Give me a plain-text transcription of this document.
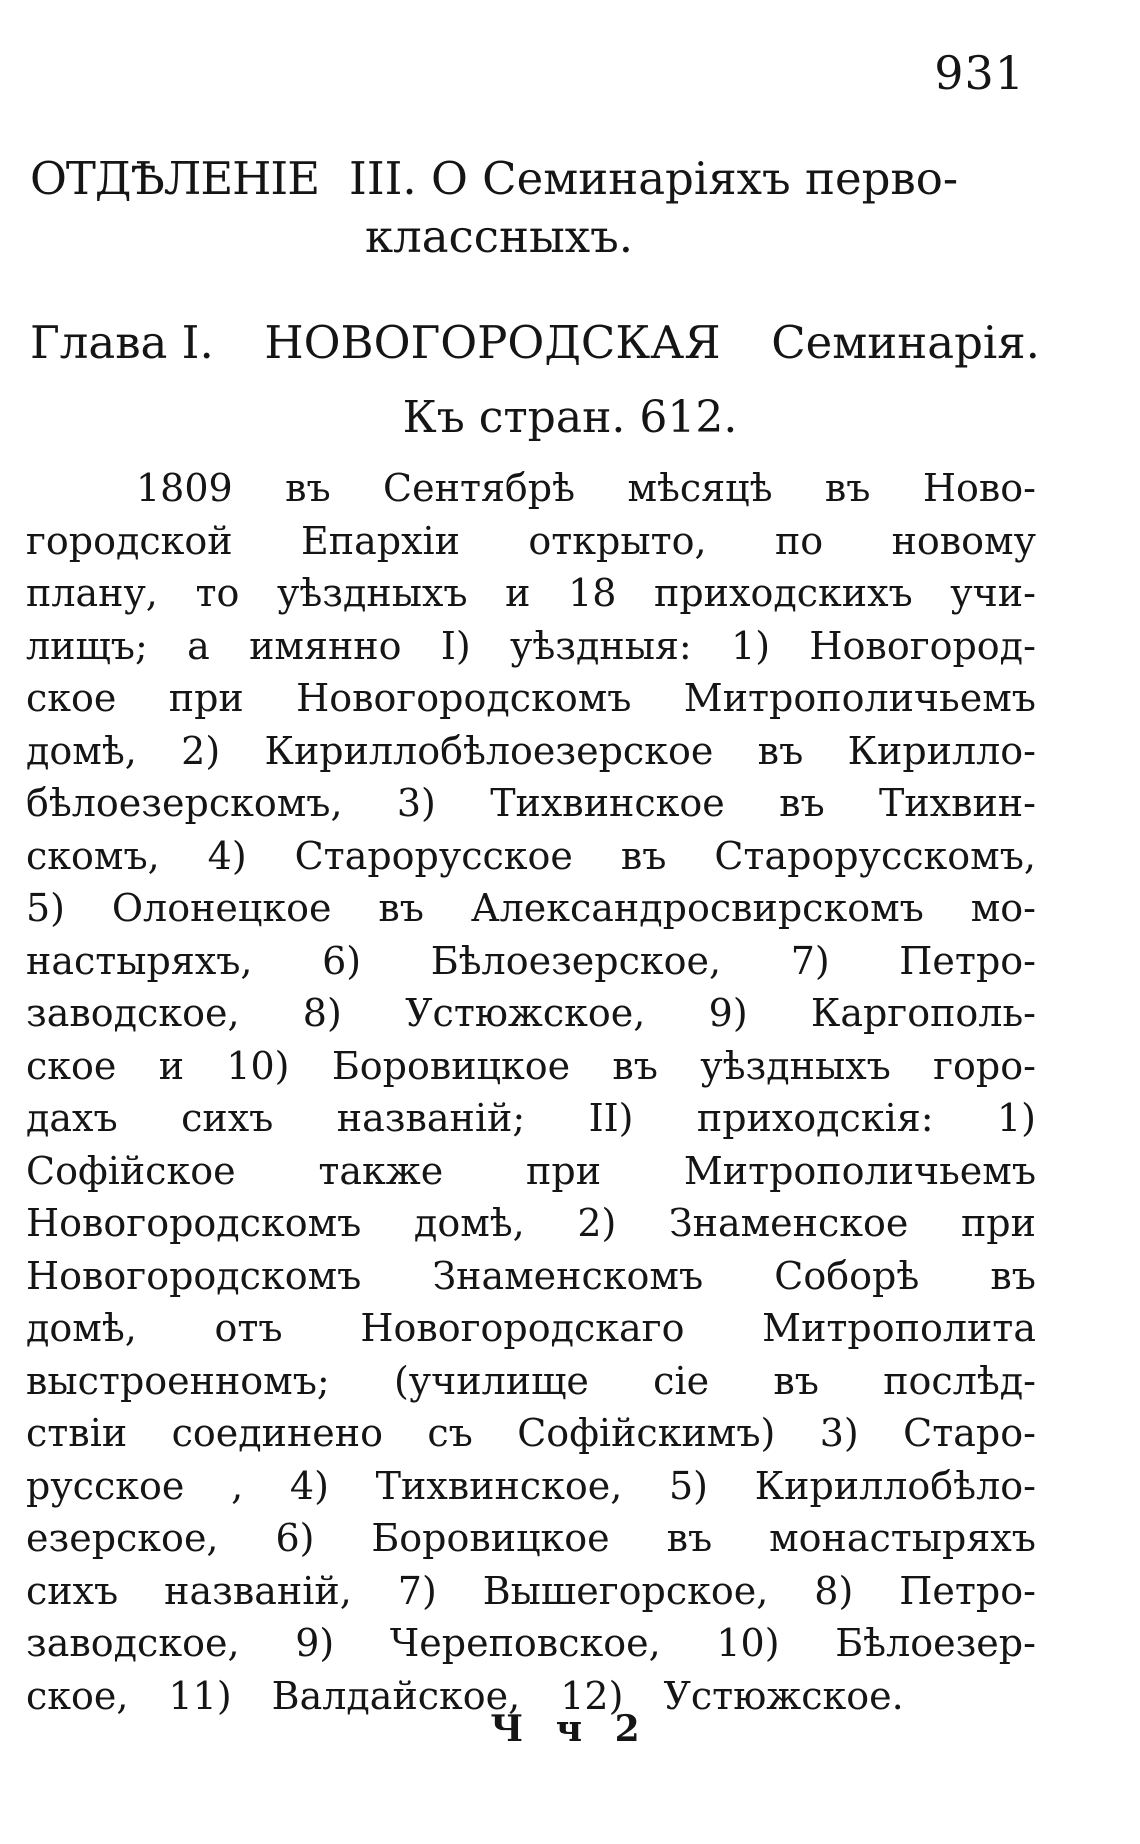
931
ОТДѢЛЕНІЕ III. О Семинаріяхъ перво-
классныхъ.
Глава I. НОВОГОРОДСКАЯ Семинарія.
Къ стран. 612.
1809 въ Сентябрѣ мѣсяцѣ въ Ново-
городской Епархіи открыто, по новому
плану, то уѣздныхъ и 18 приходскихъ учи-
лищъ; а имянно I) уѣздныя: 1) Новогород-
ское при Новогородскомъ Митрополичьемъ
домѣ, 2) Кириллобѣлоезерское въ Кирилло-
бѣлоезерскомъ, 3) Тихвинское въ Тихвин-
скомъ, 4) Старорусское въ Старорусскомъ,
5) Олонецкое въ Александросвирскомъ мо-
настыряхъ, 6) Бѣлоезерское, 7) Петро-
заводское, 8) Устюжское, 9) Каргополь-
ское и 10) Боровицкое въ уѣздныхъ горо-
дахъ сихъ названій; II) приходскія: 1)
Софійское также при Митрополичьемъ
Новогородскомъ домѣ, 2) Знаменское при
Новогородскомъ Знаменскомъ Соборѣ въ
домѣ, отъ Новогородскаго Митрополита
выстроенномъ; (училище сіе въ послѣд-
ствіи соединено съ Софійскимъ) 3) Старо-
русское , 4) Тихвинское, 5) Кириллобѣло-
езерское, 6) Боровицкое въ монастыряхъ
сихъ названій, 7) Вышегорское, 8) Петро-
заводское, 9) Череповское, 10) Бѣлоезер-
ское, 11) Валдайское, 12) Устюжское.
Ч ч 2
